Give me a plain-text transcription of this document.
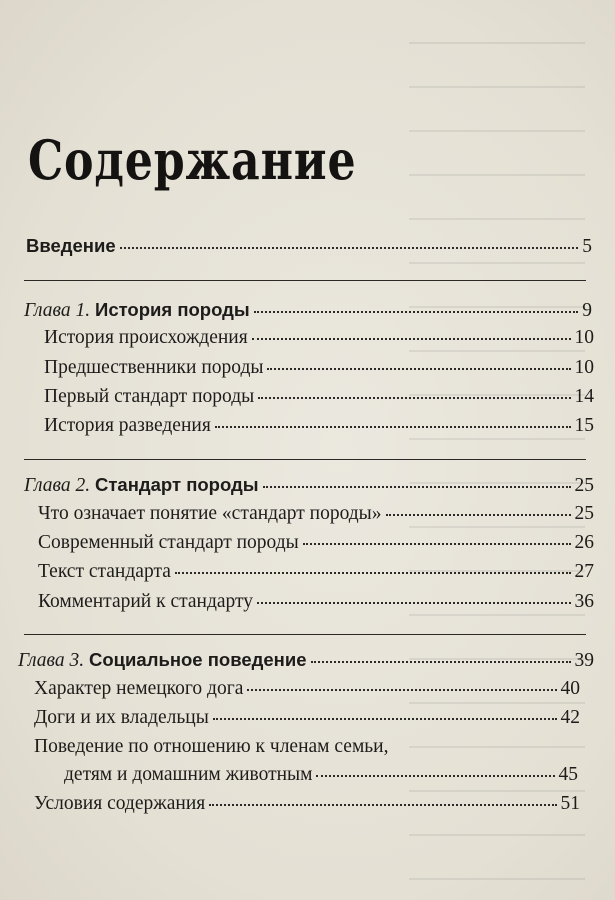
Содержание
Введение	5
Глава 1. История породы	9
История происхождения	10
Предшественники породы	10
Первый стандарт породы	14
История разведения	15
Глава 2. Стандарт породы	25
Что означает понятие «стандарт породы»	25
Современный стандарт породы	26
Текст стандарта	27
Комментарий к стандарту	36
Глава 3. Социальное поведение	39
Характер немецкого дога	40
Доги и их владельцы	42
Поведение по отношению к членам семьи,
детям и домашним животным	45
Условия содержания	51
